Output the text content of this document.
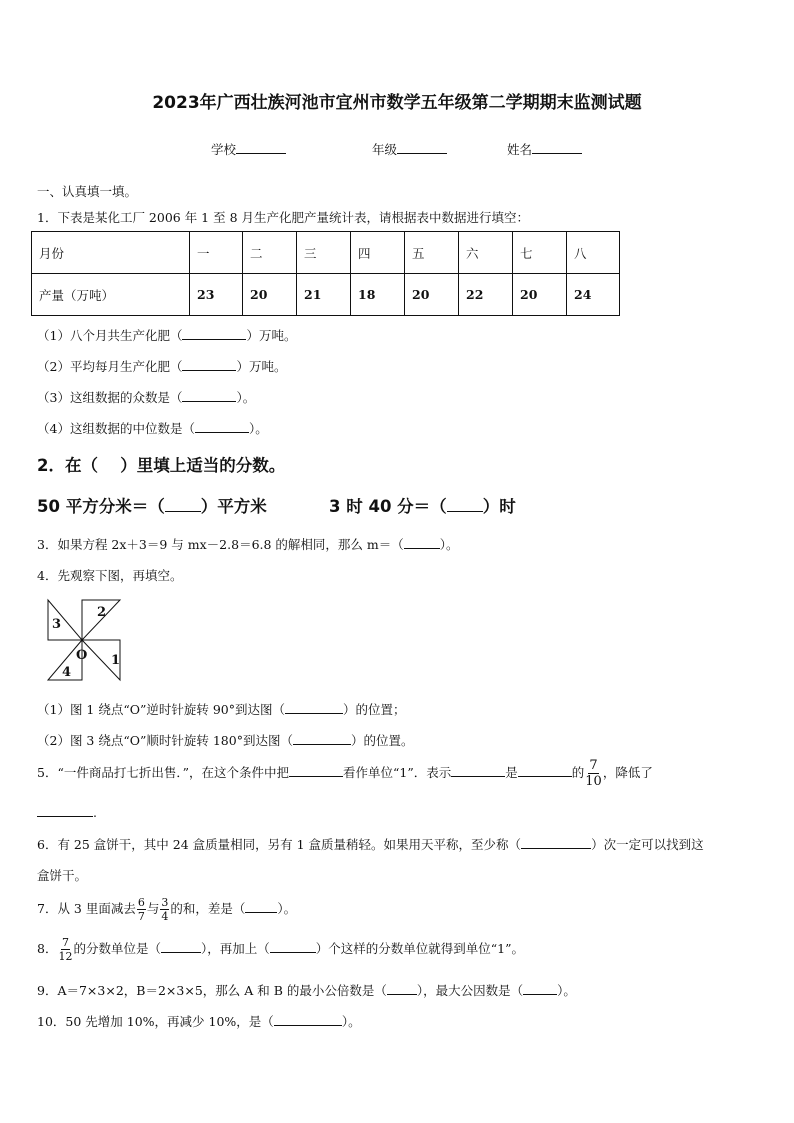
2023年广西壮族河池市宜州市数学五年级第二学期期末监测试题
学校	年级	姓名
一、认真填一填。
1．下表是某化工厂 2006 年 1 至 8 月生产化肥产量统计表，请根据表中数据进行填空：
月份	一	二	三	四	五	六	七	八
产量（万吨）	23	20	21	18	20	22	20	24
（1）八个月共生产化肥（	）万吨。
（2）平均每月生产化肥（	）万吨。
（3）这组数据的众数是（	）。
（4）这组数据的中位数是（	）。
2．在（　 ）里填上适当的分数。
50 平方分米＝（ ）平方米	3 时 40 分＝（ ）时
3．如果方程 2x＋3＝9 与 mx－2.8＝6.8 的解相同，那么 m＝（	）。
4．先观察下图，再填空。
3
2
O 1
4
（1）图 1 绕点“O”逆时针旋转 90°到达图（	）的位置；
（2）图 3 绕点“O”顺时针旋转 180°到达图（	）的位置。
5．“一件商品打七折出售．”，在这个条件中把	看作单位“1”．表示	是	的 $\frac{7}{10}$ ，降低了
.
6．有 25 盒饼干，其中 24 盒质量相同，另有 1 盒质量稍轻。如果用天平称，至少称（	）次一定可以找到这
盒饼干。
7．从 3 里面减去 $\frac{6}{7}$ 与 $\frac{3}{4}$ 的和，差是（	）。
8． $\frac{7}{12}$ 的分数单位是（	），再加上（	）个这样的分数单位就得到单位“1”。
9．A＝7×3×2，B＝2×3×5，那么 A 和 B 的最小公倍数是（ ），最大公因数是（	）。
10．50 先增加 10%，再减少 10%，是（	）。
